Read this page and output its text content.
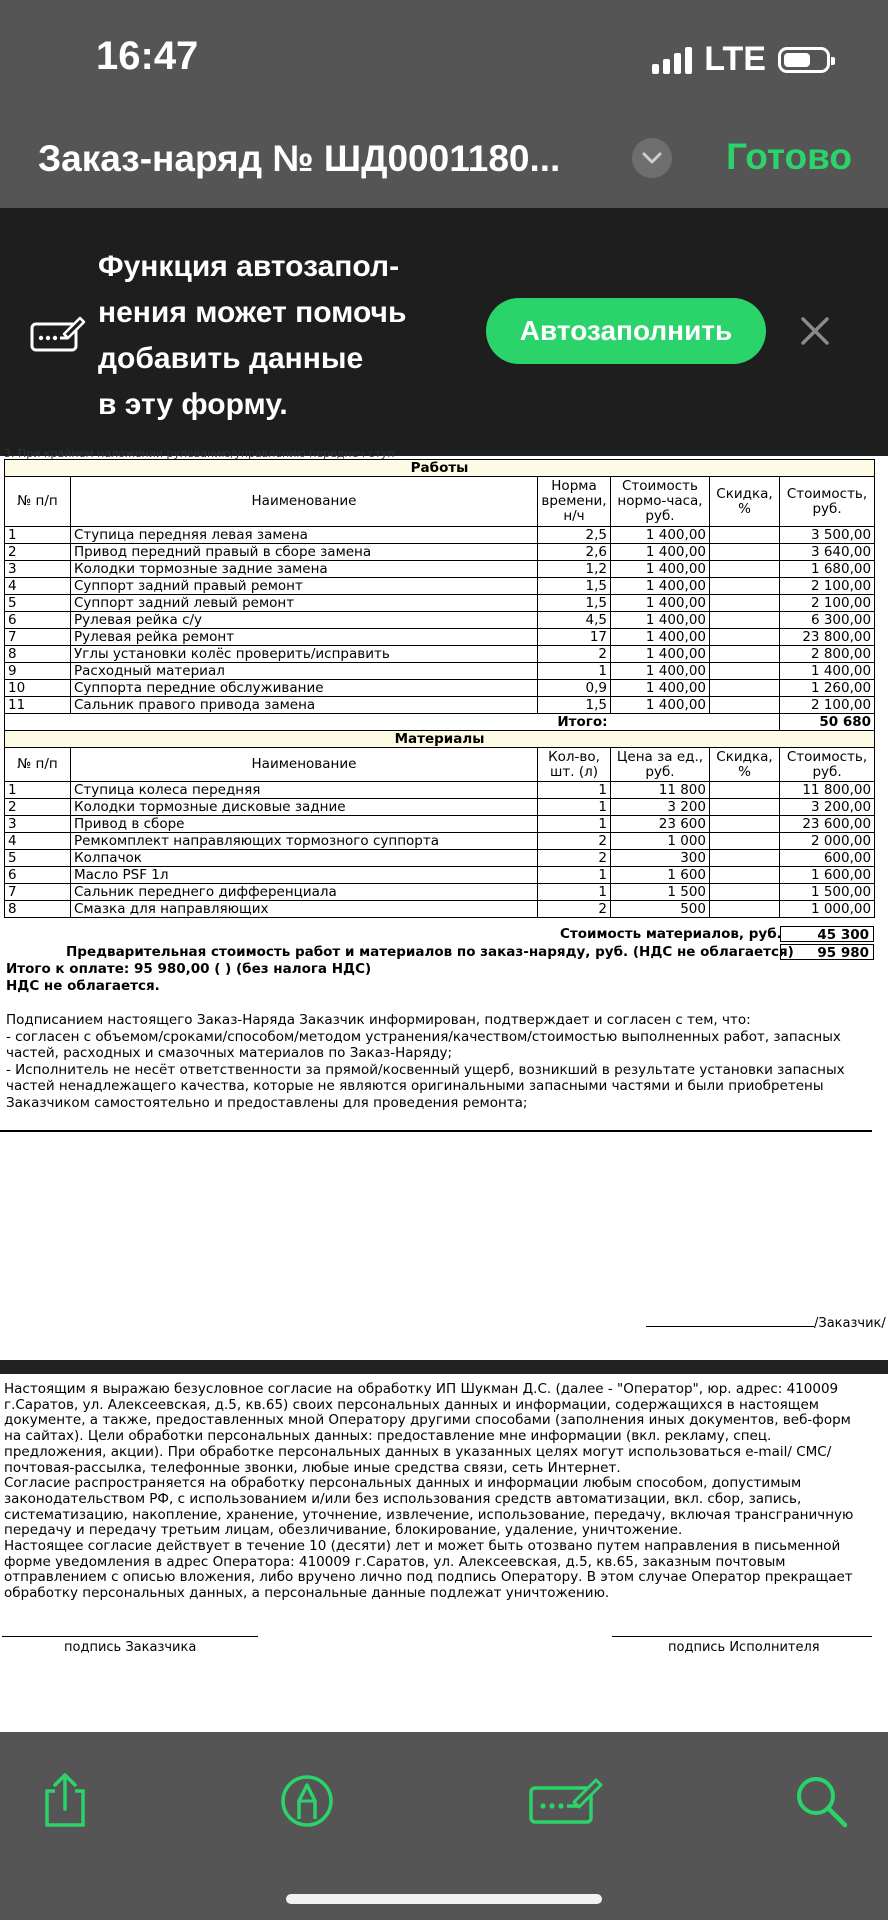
16:47	LTE
Заказ-наряд № ШД0001180...	Готово
Функция автозапол-
нения может помочь
добавить данные
в эту форму.
Автозаполнить
3. При крайнем наложении рулеванию/управлению переднеч ступ
Работы					
№ п/п	Наименование	Норма времени, н/ч	Стоимость нормо-часа, руб.	Скидка, %	Стоимость, руб.
1	Ступица передняя левая замена	2,5	1 400,00		3 500,00
2	Привод передний правый в сборе замена	2,6	1 400,00		3 640,00
3	Колодки тормозные задние замена	1,2	1 400,00		1 680,00
4	Суппорт задний правый ремонт	1,5	1 400,00		2 100,00
5	Суппорт задний левый ремонт	1,5	1 400,00		2 100,00
6	Рулевая рейка с/у	4,5	1 400,00		6 300,00
7	Рулевая рейка ремонт	17	1 400,00		23 800,00
8	Углы установки колёс проверить/исправить	2	1 400,00		2 800,00
9	Расходный материал	1	1 400,00		1 400,00
10	Суппорта передние обслуживание	0,9	1 400,00		1 260,00
11	Сальник правого привода замена	1,5	1 400,00		2 100,00
Итого:					50 680
Материалы					
№ п/п	Наименование	Кол-во, шт. (л)	Цена за ед., руб.	Скидка, %	Стоимость, руб.
1	Ступица колеса передняя	1	11 800		11 800,00
2	Колодки тормозные дисковые задние	1	3 200		3 200,00
3	Привод в сборе	1	23 600		23 600,00
4	Ремкомплект направляющих тормозного суппорта	2	1 000		2 000,00
5	Колпачок	2	300		600,00
6	Масло PSF 1л	1	1 600		1 600,00
7	Сальник переднего дифференциала	1	1 500		1 500,00
8	Смазка для направляющих	2	500		1 000,00
Стоимость материалов, руб.	45 300
Предварительная стоимость работ и материалов по заказ-наряду, руб. (НДС не облагается)	95 980
Итого к оплате: 95 980,00 ( ) (без налога НДС)
НДС не облагается.

Подписанием настоящего Заказ-Наряда Заказчик информирован, подтверждает и согласен с тем, что:

- согласен с объемом/сроками/способом/методом устранения/качеством/стоимостью выполненных работ, запасных частей, расходных и смазочных материалов по Заказ-Наряду;

- Исполнитель не несёт ответственности за прямой/косвенный ущерб, возникший в результате установки запасных частей ненадлежащего качества, которые не являются оригинальными запасными частями и были приобретены Заказчиком самостоятельно и предоставлены для проведения ремонта;

/Заказчик/

Настоящим я выражаю безусловное согласие на обработку ИП Шукман Д.С. (далее - "Оператор", юр. адрес: 410009 г.Саратов, ул. Алексеевская, д.5, кв.65) своих персональных данных и информации, содержащихся в настоящем документе, а также, предоставленных мной Оператору другими способами (заполнения иных документов, веб-форм на сайтах). Цели обработки персональных данных: предоставление мне информации (вкл. рекламу, спец. предложения, акции). При обработке персональных данных в указанных целях могут использоваться e-mail/ СМС/ почтовая-рассылка, телефонные звонки, любые иные средства связи, сеть Интернет.

Согласие распространяется на обработку персональных данных и информации любым способом, допустимым законодательством РФ, с использованием и/или без использования средств автоматизации, вкл. сбор, запись, систематизацию, накопление, хранение, уточнение, извлечение, использование, передачу, включая трансграничную передачу и передачу третьим лицам, обезличивание, блокирование, удаление, уничтожение.

Настоящее согласие действует в течение 10 (десяти) лет и может быть отозвано путем направления в письменной форме уведомления в адрес Оператора: 410009 г.Саратов, ул. Алексеевская, д.5, кв.65, заказным почтовым отправлением с описью вложения, либо вручено лично под подпись Оператору. В этом случае Оператор прекращает обработку персональных данных, а персональные данные подлежат уничтожению.

подпись Заказчика	подпись Исполнителя
